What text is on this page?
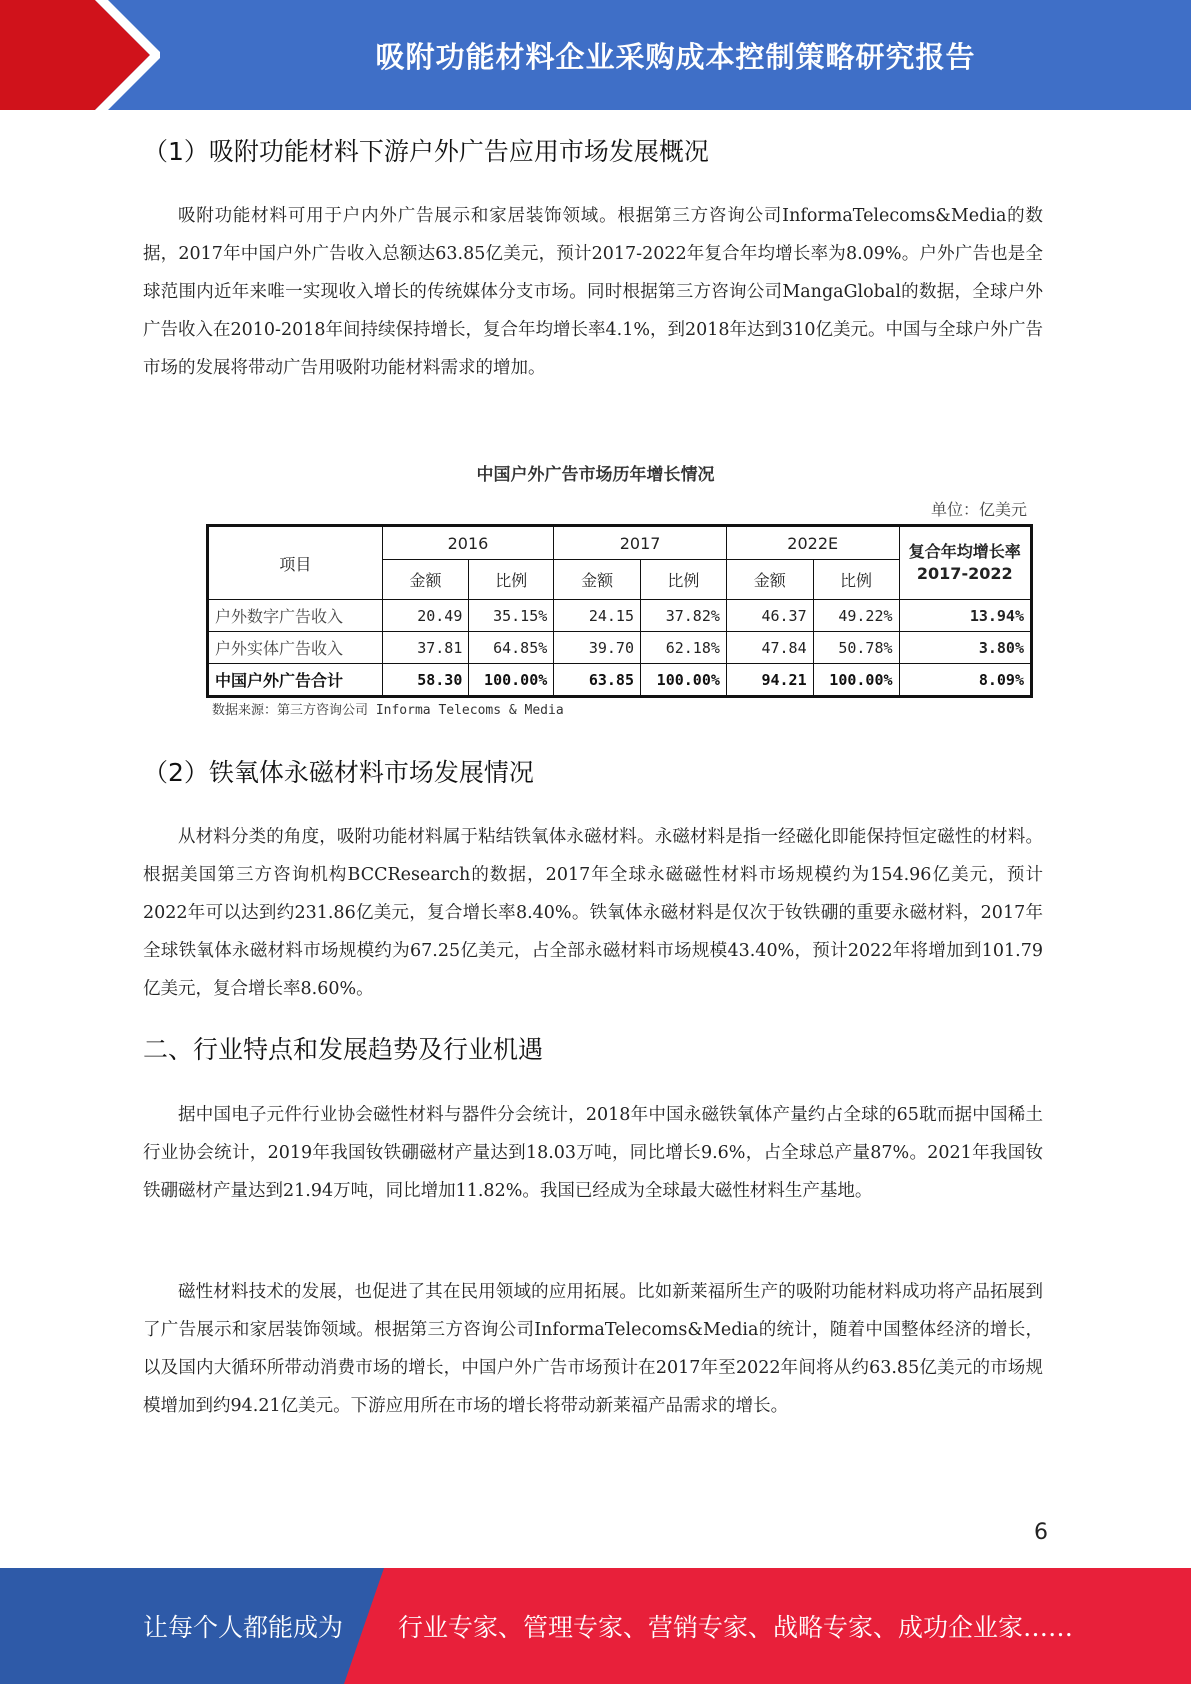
吸附功能材料企业采购成本控制策略研究报告
（1）吸附功能材料下游户外广告应用市场发展概况

吸附功能材料可用于户内外广告展示和家居装饰领域。根据第三方咨询公司InformaTelecoms&Media的数据，2017年中国户外广告收入总额达63.85亿美元，预计2017-2022年复合年均增长率为8.09%。户外广告也是全球范围内近年来唯一实现收入增长的传统媒体分支市场。同时根据第三方咨询公司MangaGlobal的数据，全球户外广告收入在2010-2018年间持续保持增长，复合年均增长率4.1%，到2018年达到310亿美元。中国与全球户外广告市场的发展将带动广告用吸附功能材料需求的增加。

中国户外广告市场历年增长情况
单位：亿美元
项目	2016		2017		2022E		复合年均增长率
2017-2022
	金额	比例	金额	比例	金额	比例	
户外数字广告收入	20.49	35.15%	24.15	37.82%	46.37	49.22%	13.94%
户外实体广告收入	37.81	64.85%	39.70	62.18%	47.84	50.78%	3.80%
中国户外广告合计	58.30	100.00%	63.85	100.00%	94.21	100.00%	8.09%
数据来源：第三方咨询公司 Informa Telecoms & Media
（2）铁氧体永磁材料市场发展情况

从材料分类的角度，吸附功能材料属于粘结铁氧体永磁材料。永磁材料是指一经磁化即能保持恒定磁性的材料。根据美国第三方咨询机构BCCResearch的数据，2017年全球永磁磁性材料市场规模约为154.96亿美元，预计2022年可以达到约231.86亿美元，复合增长率8.40%。铁氧体永磁材料是仅次于钕铁硼的重要永磁材料，2017年全球铁氧体永磁材料市场规模约为67.25亿美元，占全部永磁材料市场规模43.40%，预计2022年将增加到101.79亿美元，复合增长率8.60%。

二、行业特点和发展趋势及行业机遇

据中国电子元件行业协会磁性材料与器件分会统计，2018年中国永磁铁氧体产量约占全球的65耽而据中国稀土行业协会统计，2019年我国钕铁硼磁材产量达到18.03万吨，同比增长9.6%，占全球总产量87%。2021年我国钕铁硼磁材产量达到21.94万吨，同比增加11.82%。我国已经成为全球最大磁性材料生产基地。

磁性材料技术的发展，也促进了其在民用领域的应用拓展。比如新莱福所生产的吸附功能材料成功将产品拓展到了广告展示和家居装饰领域。根据第三方咨询公司InformaTelecoms&Media的统计，随着中国整体经济的增长，以及国内大循环所带动消费市场的增长，中国户外广告市场预计在2017年至2022年间将从约63.85亿美元的市场规模增加到约94.21亿美元。下游应用所在市场的增长将带动新莱福产品需求的增长。

6
让每个人都能成为 行业专家、管理专家、营销专家、战略专家、成功企业家……
